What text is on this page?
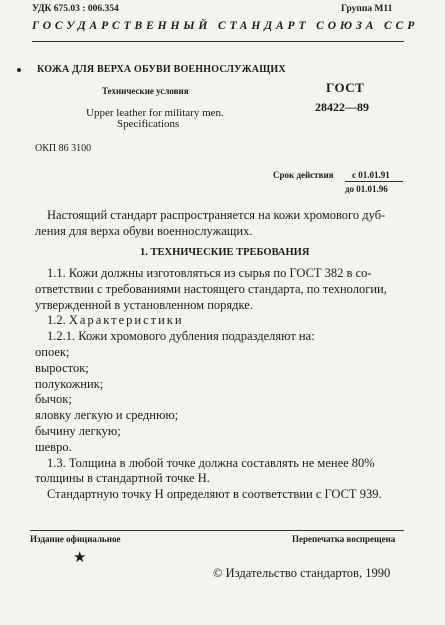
УДК 675.03 : 006.354	Группа М11
ГОСУДАРСТВЕННЫЙ СТАНДАРТ СОЮЗА ССР
КОЖА ДЛЯ ВЕРХА ОБУВИ ВОЕННОСЛУЖАЩИХ
Технические условия
Upper leather for military men.
Specifications
ГОСТ
28422—89
ОКП 86 3100
Срок действия с 01.01.91
до 01.01.96
Настоящий стандарт распространяется на кожи хромового дуб-
ления для верха обуви военнослужащих.
1. ТЕХНИЧЕСКИЕ ТРЕБОВАНИЯ
1.1. Кожи должны изготовляться из сырья по ГОСТ 382 в со-
ответствии с требованиями настоящего стандарта, по технологии,
утвержденной в установленном порядке.
1.2. Характеристики
1.2.1. Кожи хромового дубления подразделяют на:
опоек;
выросток;
полукожник;
бычок;
яловку легкую и среднюю;
бычину легкую;
шевро.
1.3. Толщина в любой точке должна составлять не менее 80%
толщины в стандартной точке Н.
Стандартную точку Н определяют в соответствии с ГОСТ 939.
Издание официальное	Перепечатка воспрещена
★
© Издательство стандартов, 1990
